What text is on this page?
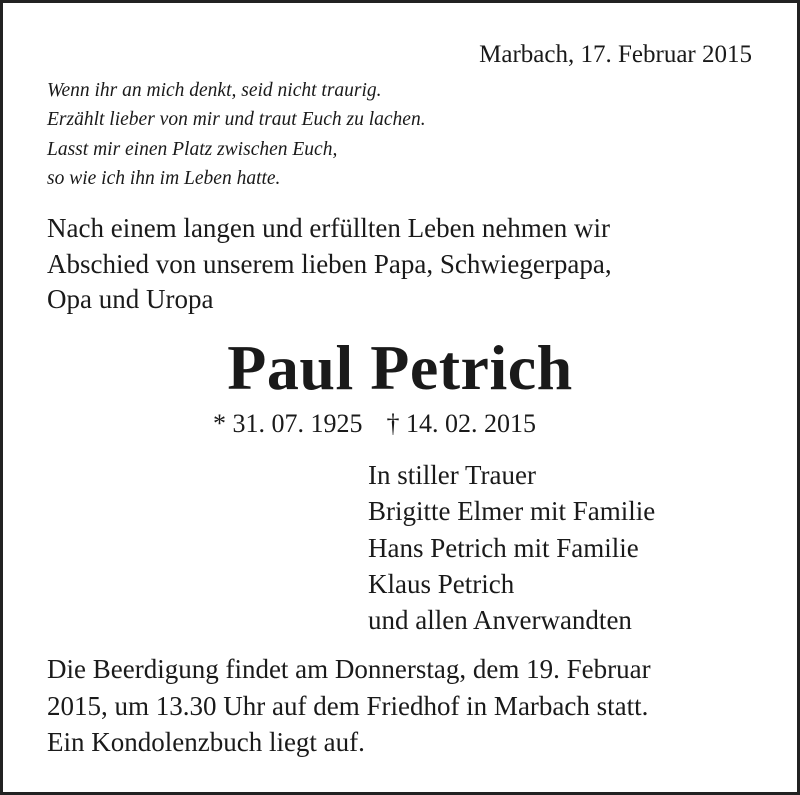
Marbach, 17. Februar 2015
Wenn ihr an mich denkt, seid nicht traurig.
Erzählt lieber von mir und traut Euch zu lachen.
Lasst mir einen Platz zwischen Euch,
so wie ich ihn im Leben hatte.
Nach einem langen und erfüllten Leben nehmen wir
Abschied von unserem lieben Papa, Schwiegerpapa,
Opa und Uropa
Paul Petrich
* 31. 07. 1925 † 14. 02. 2015
In stiller Trauer
Brigitte Elmer mit Familie
Hans Petrich mit Familie
Klaus Petrich
und allen Anverwandten
Die Beerdigung findet am Donnerstag, dem 19. Februar
2015, um 13.30 Uhr auf dem Friedhof in Marbach statt.
Ein Kondolenzbuch liegt auf.
